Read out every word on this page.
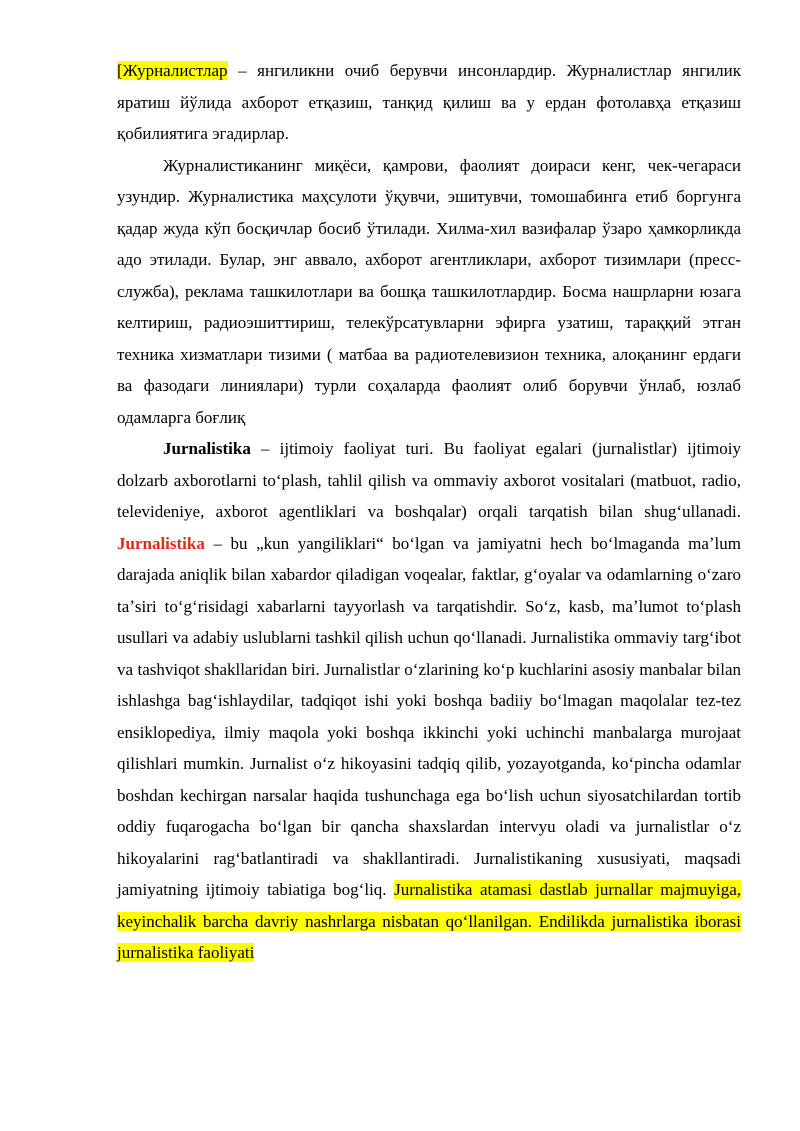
[Журналистлар – янгиликни очиб берувчи инсонлардир. Журналистлар янгилик яратиш йўлида ахборот етқазиш, танқид қилиш ва у ердан фотолавҳа етқазиш қобилиятига эгадирлар.

Журналистиканинг миқёси, қамрови, фаолият доираси кенг, чек-чегараси узундир. Журналистика маҳсулоти ўқувчи, эшитувчи, томошабинга етиб боргунга қадар жуда кўп босқичлар босиб ўтилади. Хилма-хил вазифалар ўзаро ҳамкорликда адо этилади. Булар, энг аввало, ахборот агентликлари, ахборот тизимлари (пресс-служба), реклама ташкилотлари ва бошқа ташкилотлардир. Босма нашрларни юзага келтириш, радиоэшиттириш, телекўрсатувларни эфирга узатиш, тараққий этган техника хизматлари тизими ( матбаа ва радиотелевизион техника, алоқанинг ердаги ва фазодаги линиялари) турли соҳаларда фаолият олиб борувчи ўнлаб, юзлаб одамларга боғлиқ

Jurnalistika – ijtimoiy faoliyat turi. Bu faoliyat egalari (jurnalistlar) ijtimoiy dolzarb axborotlarni toʻplash, tahlil qilish va ommaviy axborot vositalari (matbuot, radio, televideniye, axborot agentliklari va boshqalar) orqali tarqatish bilan shugʻullanadi. Jurnalistika – bu „kun yangiliklari“ boʻlgan va jamiyatni hech boʻlmaganda maʼlum darajada aniqlik bilan xabardor qiladigan voqealar, faktlar, gʻoyalar va odamlarning oʻzaro taʼsiri toʻgʻrisidagi xabarlarni tayyorlash va tarqatishdir. Soʻz, kasb, maʼlumot toʻplash usullari va adabiy uslublarni tashkil qilish uchun qoʻllanadi. Jurnalistika ommaviy targʻibot va tashviqot shakllaridan biri. Jurnalistlar oʻzlarining koʻp kuchlarini asosiy manbalar bilan ishlashga bagʻishlaydilar, tadqiqot ishi yoki boshqa badiiy boʻlmagan maqolalar tez-tez ensiklopediya, ilmiy maqola yoki boshqa ikkinchi yoki uchinchi manbalarga murojaat qilishlari mumkin. Jurnalist oʻz hikoyasini tadqiq qilib, yozayotganda, koʻpincha odamlar boshdan kechirgan narsalar haqida tushunchaga ega boʻlish uchun siyosatchilardan tortib oddiy fuqarogacha boʻlgan bir qancha shaxslardan intervyu oladi va jurnalistlar oʻz hikoyalarini ragʻbatlantiradi va shakllantiradi. Jurnalistikaning xususiyati, maqsadi jamiyatning ijtimoiy tabiatiga bogʻliq. Jurnalistika atamasi dastlab jurnallar majmuyiga, keyinchalik barcha davriy nashrlarga nisbatan qoʻllanilgan. Endilikda jurnalistika iborasi jurnalistika faoliyati
